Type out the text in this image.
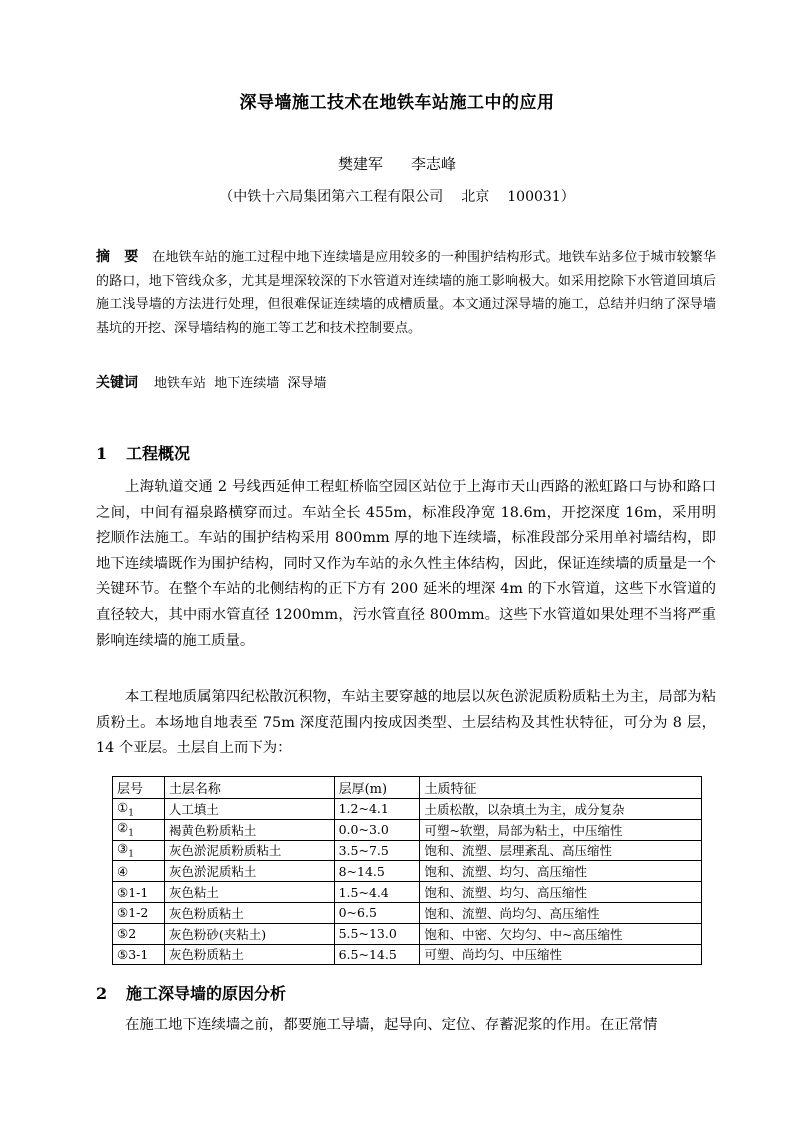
深导墙施工技术在地铁车站施工中的应用
樊建军 李志峰
（中铁十六局集团第六工程有限公司 北京 100031）
摘　要 在地铁车站的施工过程中地下连续墙是应用较多的一种围护结构形式。地铁车站多位于城市较繁华的路口，地下管线众多，尤其是埋深较深的下水管道对连续墙的施工影响极大。如采用挖除下水管道回填后施工浅导墙的方法进行处理，但很难保证连续墙的成槽质量。本文通过深导墙的施工，总结并归纳了深导墙基坑的开挖、深导墙结构的施工等工艺和技术控制要点。
关键词 地铁车站  地下连续墙  深导墙
1 工程概况
上海轨道交通 2 号线西延伸工程虹桥临空园区站位于上海市天山西路的淞虹路口与协和路口之间，中间有福泉路横穿而过。车站全长 455m，标准段净宽 18.6m，开挖深度 16m，采用明挖顺作法施工。车站的围护结构采用 800mm 厚的地下连续墙，标准段部分采用单衬墙结构，即地下连续墙既作为围护结构，同时又作为车站的永久性主体结构，因此，保证连续墙的质量是一个关键环节。在整个车站的北侧结构的正下方有 200 延米的埋深 4m 的下水管道，这些下水管道的直径较大，其中雨水管直径 1200mm，污水管直径 800mm。这些下水管道如果处理不当将严重影响连续墙的施工质量。
本工程地质属第四纪松散沉积物，车站主要穿越的地层以灰色淤泥质粉质粘土为主，局部为粘质粉土。本场地自地表至 75m 深度范围内按成因类型、土层结构及其性状特征，可分为 8 层，14 个亚层。土层自上而下为：
层号	土层名称	层厚(m)	土质特征
$①_1$	人工填土	1.2~4.1	土质松散，以杂填土为主，成分复杂
$②_1$	褐黄色粉质粘土	0.0~3.0	可塑~软塑，局部为粘土，中压缩性
$③_1$	灰色淤泥质粉质粘土	3.5~7.5	饱和、流塑、层理紊乱、高压缩性
④	灰色淤泥质粘土	8~14.5	饱和、流塑、均匀、高压缩性
⑤1-1	灰色粘土	1.5~4.4	饱和、流塑、均匀、高压缩性
⑤1-2	灰色粉质粘土	0~6.5	饱和、流塑、尚均匀、高压缩性
⑤2	灰色粉砂(夹粘土)	5.5~13.0	饱和、中密、欠均匀、中~高压缩性
⑤3-1	灰色粉质粘土	6.5~14.5	可塑、尚均匀、中压缩性
2 施工深导墙的原因分析
在施工地下连续墙之前，都要施工导墙，起导向、定位、存蓄泥浆的作用。在正常情
